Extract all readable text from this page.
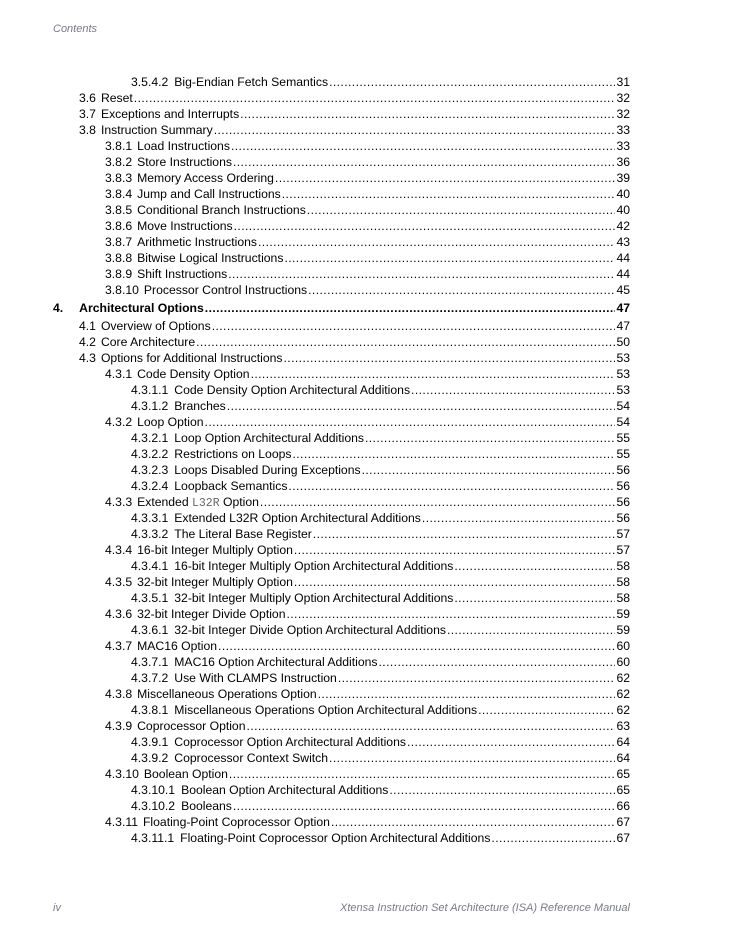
Contents
3.5.4.2 Big-Endian Fetch Semantics .....	31
3.6 Reset .....	32
3.7 Exceptions and Interrupts .....	32
3.8 Instruction Summary .....	33
3.8.1 Load Instructions .....	33
3.8.2 Store Instructions .....	36
3.8.3 Memory Access Ordering .....	39
3.8.4 Jump and Call Instructions .....	40
3.8.5 Conditional Branch Instructions .....	40
3.8.6 Move Instructions .....	42
3.8.7 Arithmetic Instructions .....	43
3.8.8 Bitwise Logical Instructions .....	44
3.8.9 Shift Instructions .....	44
3.8.10 Processor Control Instructions .....	45
4. Architectural Options .....	47
4.1 Overview of Options .....	47
4.2 Core Architecture .....	50
4.3 Options for Additional Instructions .....	53
4.3.1 Code Density Option .....	53
4.3.1.1 Code Density Option Architectural Additions .....	53
4.3.1.2 Branches .....	54
4.3.2 Loop Option .....	54
4.3.2.1 Loop Option Architectural Additions .....	55
4.3.2.2 Restrictions on Loops .....	55
4.3.2.3 Loops Disabled During Exceptions .....	56
4.3.2.4 Loopback Semantics .....	56
4.3.3 Extended L32R Option .....	56
4.3.3.1 Extended L32R Option Architectural Additions .....	56
4.3.3.2 The Literal Base Register .....	57
4.3.4 16-bit Integer Multiply Option .....	57
4.3.4.1 16-bit Integer Multiply Option Architectural Additions .....	58
4.3.5 32-bit Integer Multiply Option .....	58
4.3.5.1 32-bit Integer Multiply Option Architectural Additions .....	58
4.3.6 32-bit Integer Divide Option .....	59
4.3.6.1 32-bit Integer Divide Option Architectural Additions .....	59
4.3.7 MAC16 Option .....	60
4.3.7.1 MAC16 Option Architectural Additions .....	60
4.3.7.2 Use With CLAMPS Instruction .....	62
4.3.8 Miscellaneous Operations Option .....	62
4.3.8.1 Miscellaneous Operations Option Architectural Additions .....	62
4.3.9 Coprocessor Option .....	63
4.3.9.1 Coprocessor Option Architectural Additions .....	64
4.3.9.2 Coprocessor Context Switch .....	64
4.3.10 Boolean Option .....	65
4.3.10.1 Boolean Option Architectural Additions .....	65
4.3.10.2 Booleans .....	66
4.3.11 Floating-Point Coprocessor Option .....	67
4.3.11.1 Floating-Point Coprocessor Option Architectural Additions .....	67
iv	Xtensa Instruction Set Architecture (ISA) Reference Manual
